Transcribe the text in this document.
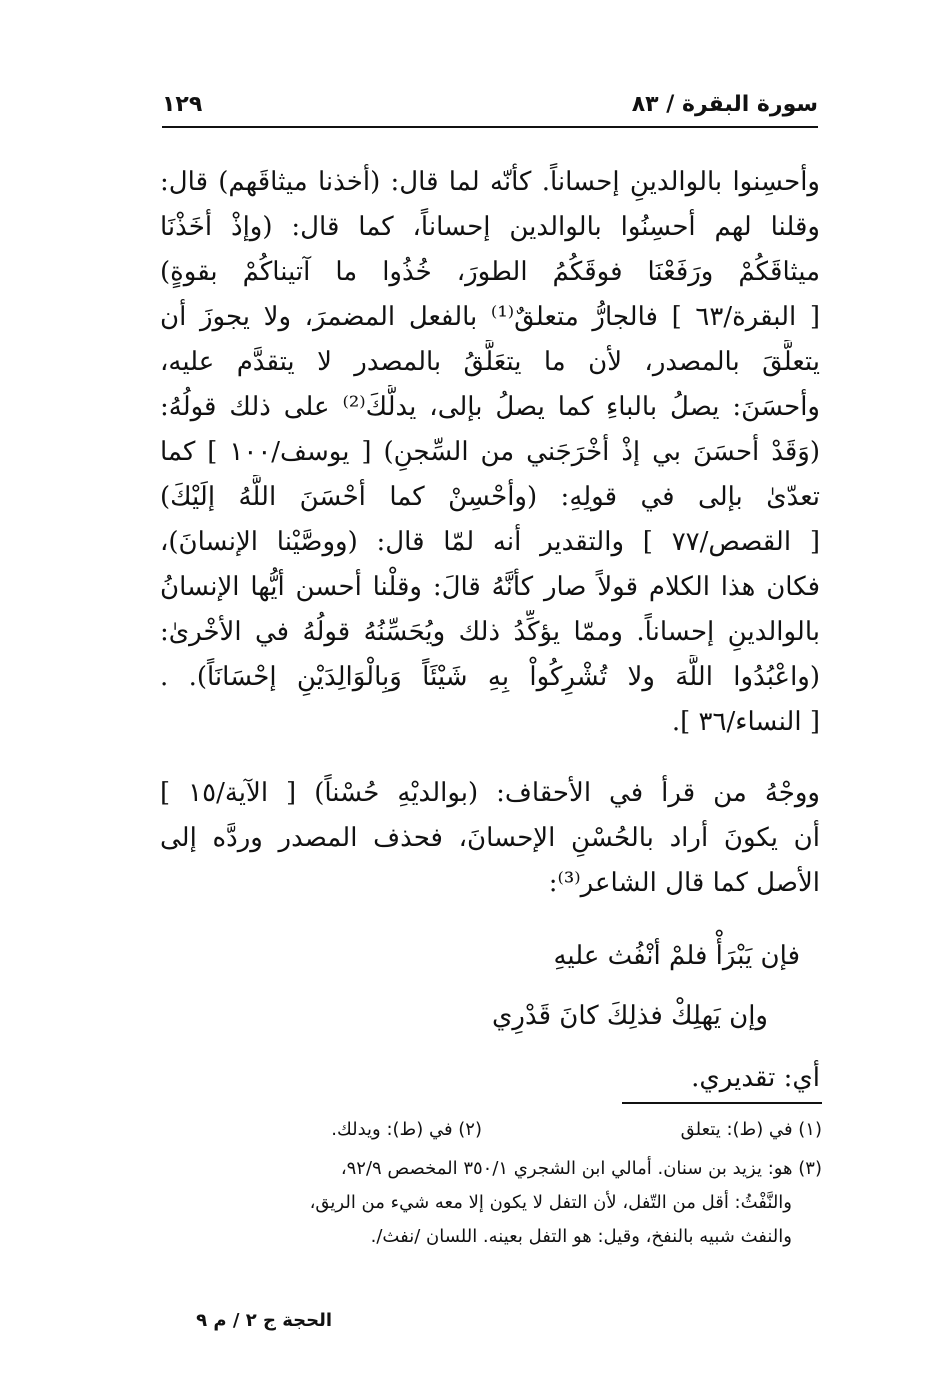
سورة البقرة / ٨٣
١٢٩
وأحسِنوا بالوالدينِ إحساناً. كأنّه لما قال: (أخذنا ميثاقَهم) قال:
وقلنا لهم أحسِنُوا بالوالدين إحساناً، كما قال: (وإذْ أخَذْنَا
ميثاقَكُمْ ورَفَعْنَا فوقَكُمُ الطورَ، خُذُوا ما آتيناكُمْ بقوةٍ)
[ البقرة/٦٣ ] فالجارُّ متعلقٌ⁽¹⁾ بالفعل المضمرَ، ولا يجوزَ أن
يتعلَّقَ بالمصدر، لأن ما يتعَلَّقُ بالمصدر لا يتقدَّم عليه،
وأحسَنَ: يصلُ بالباءِ كما يصلُ بإلى، يدلُّكَ⁽²⁾ على ذلك قولُهُ:
(وَقَدْ أحسَنَ بي إذْ أخْرَجَني من السِّجنِ) [ يوسف/١٠٠ ] كما
تعدّىٰ بإلى في قولِهِ: (وأحْسِنْ كما أحْسَنَ اللَّهُ إلَيْكَ)
[ القصص/٧٧ ] والتقدير أنه لمّا قال: (ووصَّيْنا الإنسانَ)،
فكان هذا الكلام قولاً صار كأنَّهُ قالَ: وقلْنا أحسن أيُّها الإنسانُ
بالوالدينِ إحساناً. وممّا يؤكِّدُ ذلك ويُحَسِّنُهُ قولُهُ في الأخْرىٰ:
(واعْبُدُوا اللَّهَ ولا تُشْرِكُواْ بِهِ شَيْئَاً وَبِالْوَالِدَيْنِ إحْسَانَاً). .
[ النساء/٣٦ ].
ووجْهُ من قرأ في الأحقاف: (بوالديْهِ حُسْناً) [ الآية/١٥ ]
أن يكونَ أراد بالحُسْنِ الإحسانَ، فحذف المصدر وردَّه إلى
الأصل كما قال الشاعر⁽³⁾:
فإن يَبْرَأْ فلمْ أنْفُث عليهِ
وإن يَهلِكْ فذلِكَ كانَ قَدْرِي
أي: تقديري.
(١) في (ط): يتعلق
(٢) في (ط): ويدلك.
(٣) هو: يزيد بن سنان. أمالي ابن الشجري ٣٥٠/١ المخصص ٩٢/٩،
والنَّفْثُ: أقل من التّفل، لأن التفل لا يكون إلا معه شيء من الريق،
والنفث شبيه بالنفخ، وقيل: هو التفل بعينه. اللسان /نفث/.
الحجة ج ٢ / م ٩
